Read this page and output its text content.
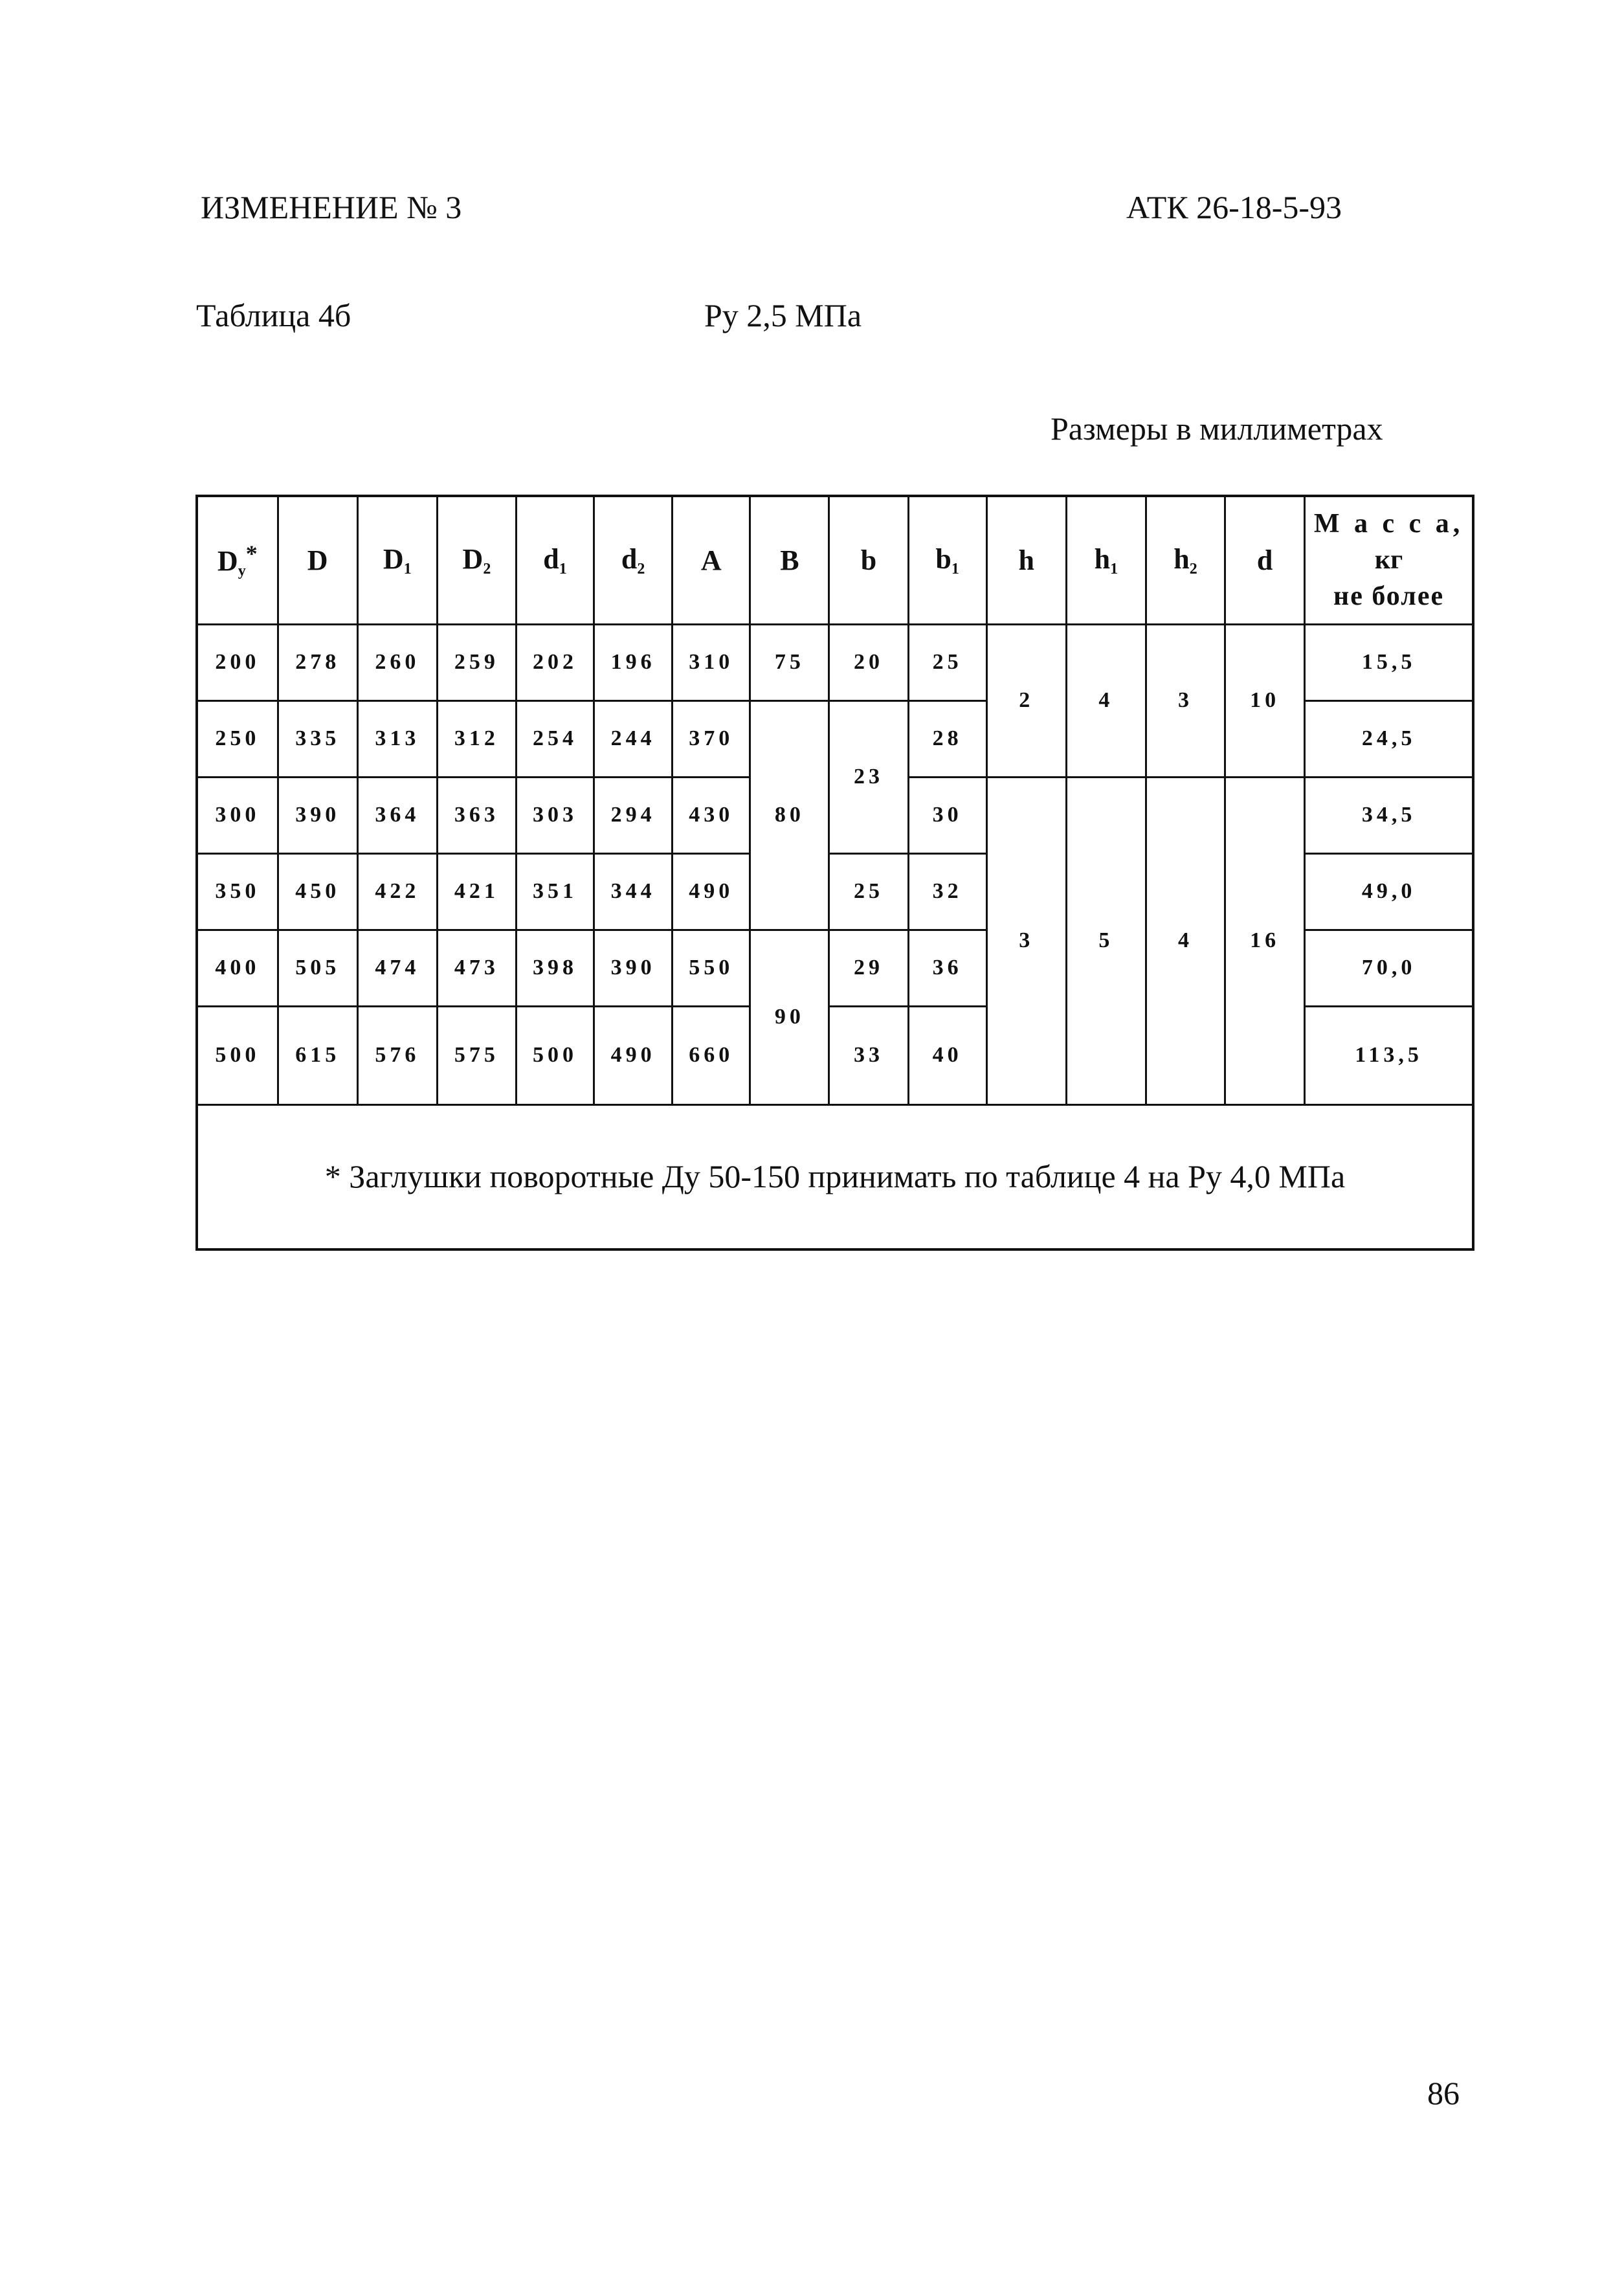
ИЗМЕНЕНИЕ № 3	АТК 26-18-5-93
Таблица 4б	Ру 2,5 МПа
Размеры в миллиметрах
$D_у^*$	D	$D_1$	$D_2$	$d_1$	$d_2$	A	B	b	$b_1$	h	$h_1$	$h_2$	d	М а с с а,
кг
не более

200	278	260	259	202	196	310	75	20	25	2	4	3	10	15,5
250	335	313	312	254	244	370	80	23	28					24,5
300	390	364	363	303	294	430			30	3	5	4	16	34,5
350	450	422	421	351	344	490		25	32					49,0
400	505	474	473	398	390	550	90	29	36					70,0
500	615	576	575	500	490	660		33	40					113,5
* Заглушки поворотные Ду 50-150 принимать по таблице 4 на Ру 4,0 МПа
86
